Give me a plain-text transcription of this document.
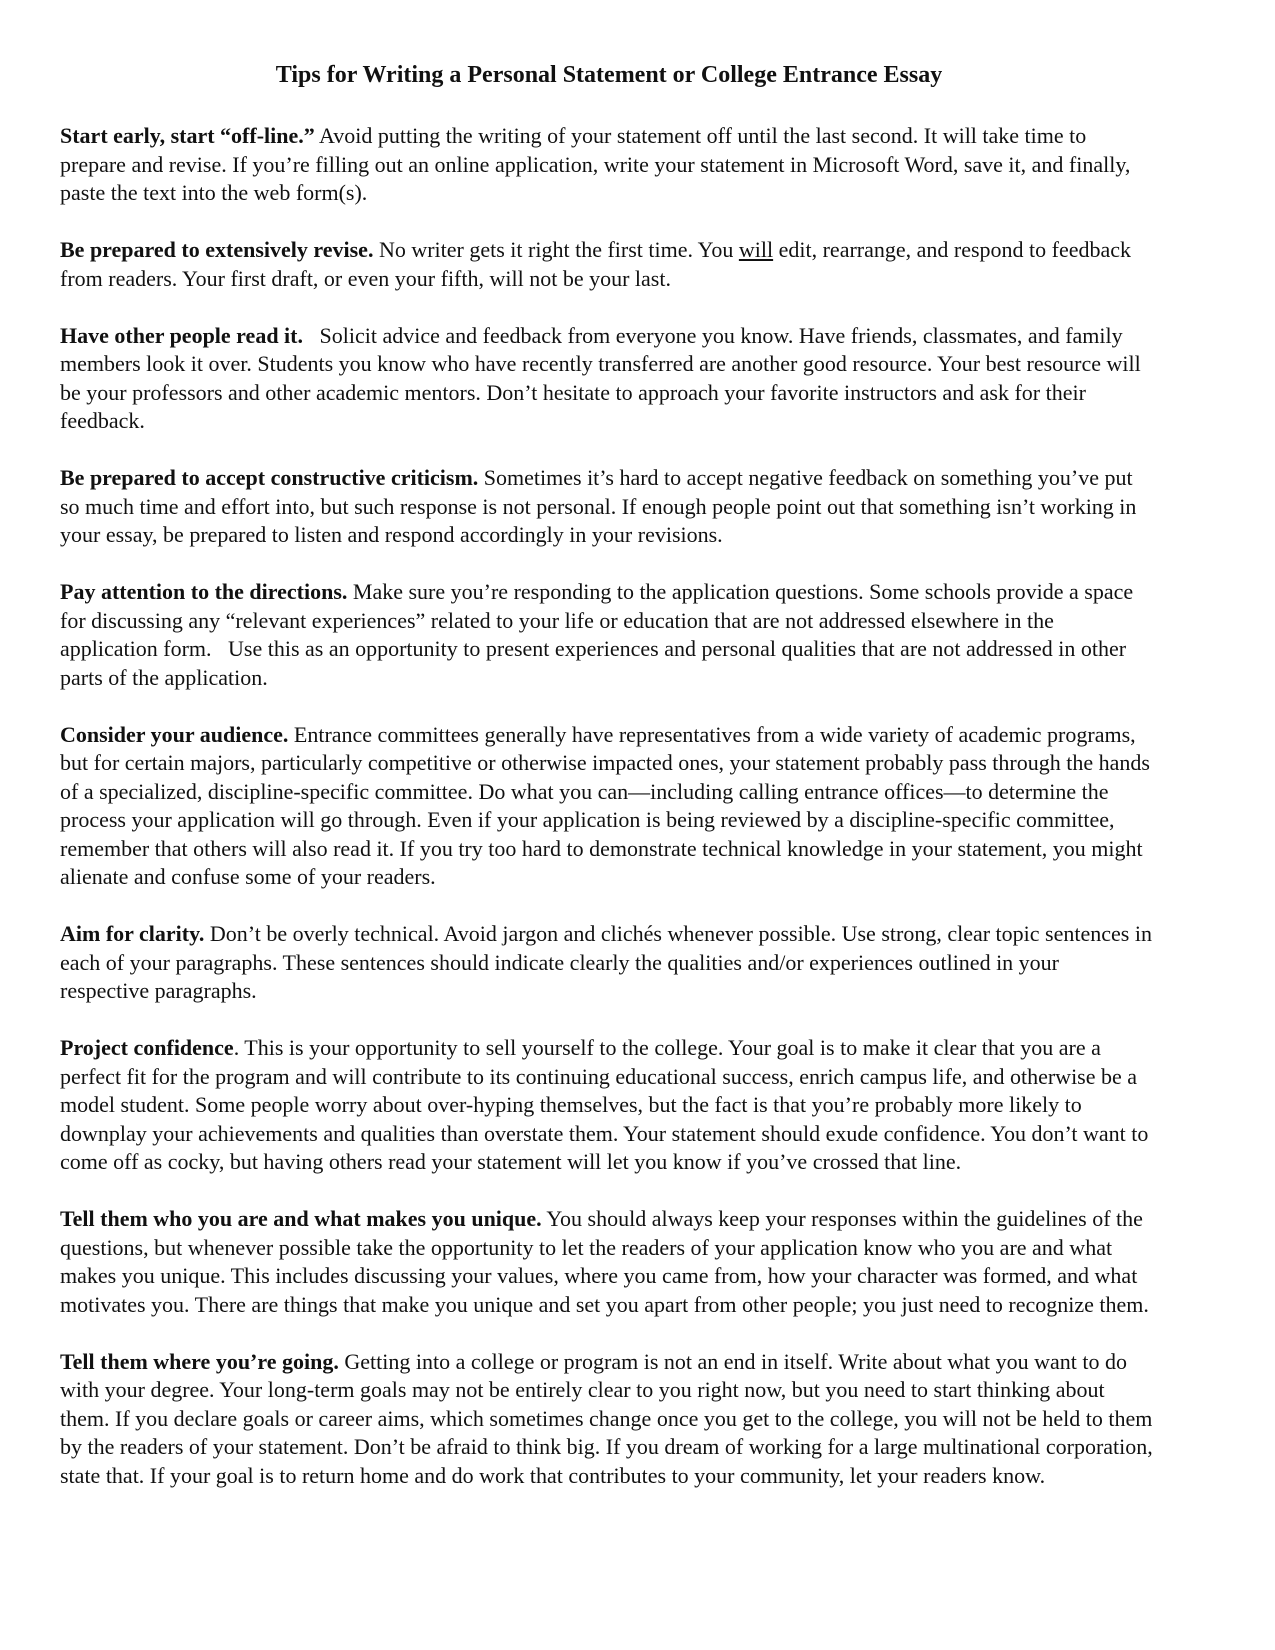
Tips for Writing a Personal Statement or College Entrance Essay

Start early, start “off-line.” Avoid putting the writing of your statement off until the last second. It will take time to prepare and revise. If you’re filling out an online application, write your statement in Microsoft Word, save it, and finally, paste the text into the web form(s).

Be prepared to extensively revise. No writer gets it right the first time. You will edit, rearrange, and respond to feedback from readers. Your first draft, or even your fifth, will not be your last.

Have other people read it.   Solicit advice and feedback from everyone you know. Have friends, classmates, and family members look it over. Students you know who have recently transferred are another good resource. Your best resource will be your professors and other academic mentors. Don’t hesitate to approach your favorite instructors and ask for their feedback.

Be prepared to accept constructive criticism. Sometimes it’s hard to accept negative feedback on something you’ve put so much time and effort into, but such response is not personal. If enough people point out that something isn’t working in your essay, be prepared to listen and respond accordingly in your revisions.

Pay attention to the directions. Make sure you’re responding to the application questions. Some schools provide a space for discussing any “relevant experiences” related to your life or education that are not addressed elsewhere in the application form.   Use this as an opportunity to present experiences and personal qualities that are not addressed in other parts of the application.

Consider your audience. Entrance committees generally have representatives from a wide variety of academic programs, but for certain majors, particularly competitive or otherwise impacted ones, your statement probably pass through the hands of a specialized, discipline-specific committee. Do what you can—including calling entrance offices—to determine the process your application will go through. Even if your application is being reviewed by a discipline-specific committee, remember that others will also read it. If you try too hard to demonstrate technical knowledge in your statement, you might alienate and confuse some of your readers.

Aim for clarity. Don’t be overly technical. Avoid jargon and clichés whenever possible. Use strong, clear topic sentences in each of your paragraphs. These sentences should indicate clearly the qualities and/or experiences outlined in your respective paragraphs.

Project confidence. This is your opportunity to sell yourself to the college. Your goal is to make it clear that you are a perfect fit for the program and will contribute to its continuing educational success, enrich campus life, and otherwise be a model student. Some people worry about over-hyping themselves, but the fact is that you’re probably more likely to downplay your achievements and qualities than overstate them. Your statement should exude confidence. You don’t want to come off as cocky, but having others read your statement will let you know if you’ve crossed that line.

Tell them who you are and what makes you unique. You should always keep your responses within the guidelines of the questions, but whenever possible take the opportunity to let the readers of your application know who you are and what makes you unique. This includes discussing your values, where you came from, how your character was formed, and what motivates you. There are things that make you unique and set you apart from other people; you just need to recognize them.

Tell them where you’re going. Getting into a college or program is not an end in itself. Write about what you want to do with your degree. Your long-term goals may not be entirely clear to you right now, but you need to start thinking about them. If you declare goals or career aims, which sometimes change once you get to the college, you will not be held to them by the readers of your statement. Don’t be afraid to think big. If you dream of working for a large multinational corporation, state that. If your goal is to return home and do work that contributes to your community, let your readers know.
